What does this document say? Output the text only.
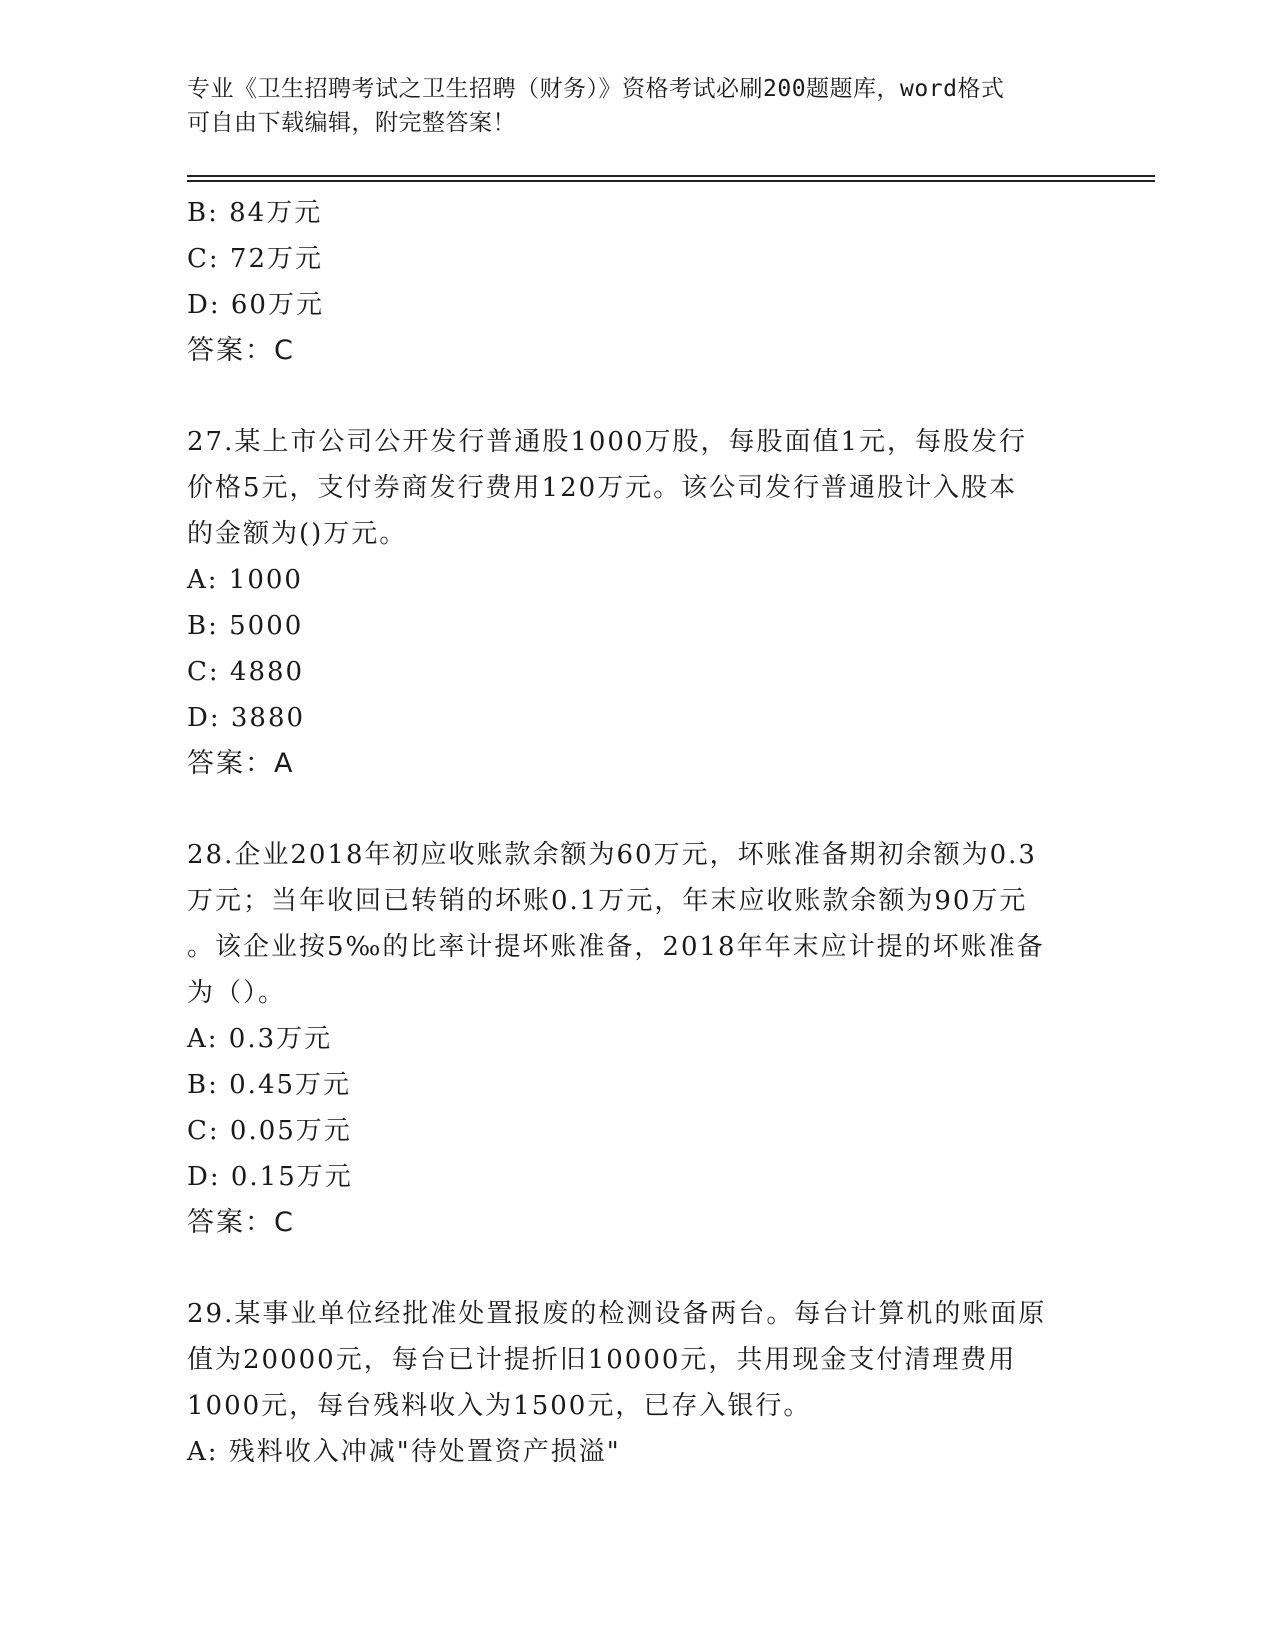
专业《卫生招聘考试之卫生招聘（财务）》资格考试必刷200题题库，word格式
可自由下载编辑，附完整答案！
B: 84万元
C: 72万元
D: 60万元
答案：C
27.某上市公司公开发行普通股1000万股，每股面值1元，每股发行
价格5元，支付券商发行费用120万元。该公司发行普通股计入股本
的金额为()万元。
A: 1000
B: 5000
C: 4880
D: 3880
答案：A
28.企业2018年初应收账款余额为60万元，坏账准备期初余额为0.3
万元；当年收回已转销的坏账0.1万元，年末应收账款余额为90万元
。该企业按5‰的比率计提坏账准备，2018年年末应计提的坏账准备
为（）。
A: 0.3万元
B: 0.45万元
C: 0.05万元
D: 0.15万元
答案：C
29.某事业单位经批准处置报废的检测设备两台。每台计算机的账面原
值为20000元，每台已计提折旧10000元，共用现金支付清理费用
1000元，每台残料收入为1500元，已存入银行。
A: 残料收入冲减"待处置资产损溢"
